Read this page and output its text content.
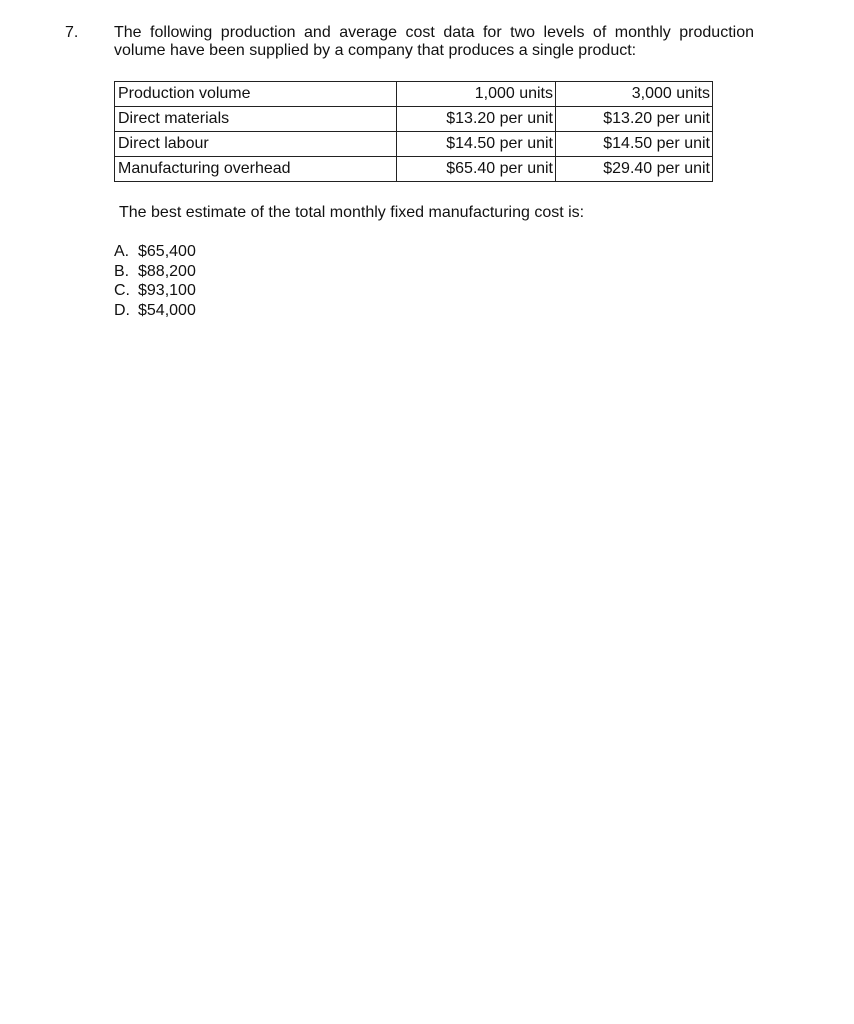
7. The following production and average cost data for two levels of monthly production volume have been supplied by a company that produces a single product:
Production volume	1,000 units	3,000 units
Direct materials	$13.20 per unit	$13.20 per unit
Direct labour	$14.50 per unit	$14.50 per unit
Manufacturing overhead	$65.40 per unit	$29.40 per unit
The best estimate of the total monthly fixed manufacturing cost is:
A. $65,400
B. $88,200
C. $93,100
D. $54,000
